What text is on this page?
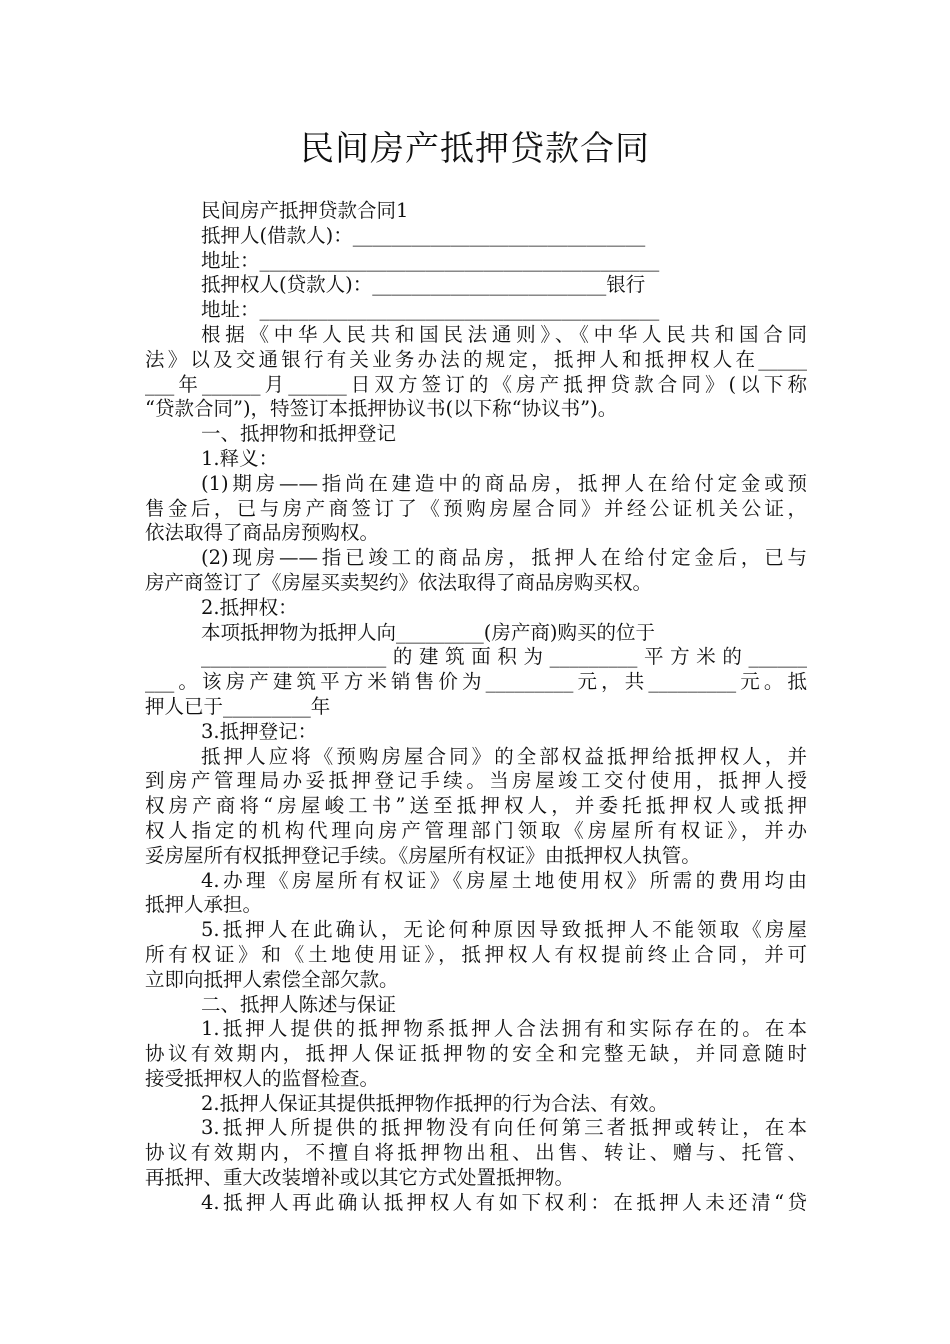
民间房产抵押贷款合同
民间房产抵押贷款合同1
抵押人(借款人)：______________________________
地址：_________________________________________
抵押权人(贷款人)：________________________银行
地址：_________________________________________
根据《中华人民共和国民法通则》、《中华人民共和国合同
法》以及交通银行有关业务办法的规定，抵押人和抵押权人在_____
___年______月______日双方签订的《房产抵押贷款合同》(以下称
“贷款合同”)，特签订本抵押协议书(以下称“协议书”)。
一、抵押物和抵押登记
1.释义：
(1)期房——指尚在建造中的商品房，抵押人在给付定金或预
售金后，已与房产商签订了《预购房屋合同》并经公证机关公证，
依法取得了商品房预购权。
(2)现房——指已竣工的商品房，抵押人在给付定金后，已与
房产商签订了《房屋买卖契约》依法取得了商品房购买权。
2.抵押权：
本项抵押物为抵押人向_________(房产商)购买的位于
___________________的建筑面积为_________平方米的______
___。该房产建筑平方米销售价为_________元，共_________元。抵
押人已于_________年
3.抵押登记：
抵押人应将《预购房屋合同》的全部权益抵押给抵押权人，并
到房产管理局办妥抵押登记手续。当房屋竣工交付使用，抵押人授
权房产商将“房屋峻工书”送至抵押权人，并委托抵押权人或抵押
权人指定的机构代理向房产管理部门领取《房屋所有权证》，并办
妥房屋所有权抵押登记手续。《房屋所有权证》由抵押权人执管。
4.办理《房屋所有权证》《房屋土地使用权》所需的费用均由
抵押人承担。
5.抵押人在此确认，无论何种原因导致抵押人不能领取《房屋
所有权证》和《土地使用证》，抵押权人有权提前终止合同，并可
立即向抵押人索偿全部欠款。
二、抵押人陈述与保证
1.抵押人提供的抵押物系抵押人合法拥有和实际存在的。在本
协议有效期内，抵押人保证抵押物的安全和完整无缺，并同意随时
接受抵押权人的监督检查。
2.抵押人保证其提供抵押物作抵押的行为合法、有效。
3.抵押人所提供的抵押物没有向任何第三者抵押或转让，在本
协议有效期内，不擅自将抵押物出租、出售、转让、赠与、托管、
再抵押、重大改装增补或以其它方式处置抵押物。
4.抵押人再此确认抵押权人有如下权利：在抵押人未还清“贷
